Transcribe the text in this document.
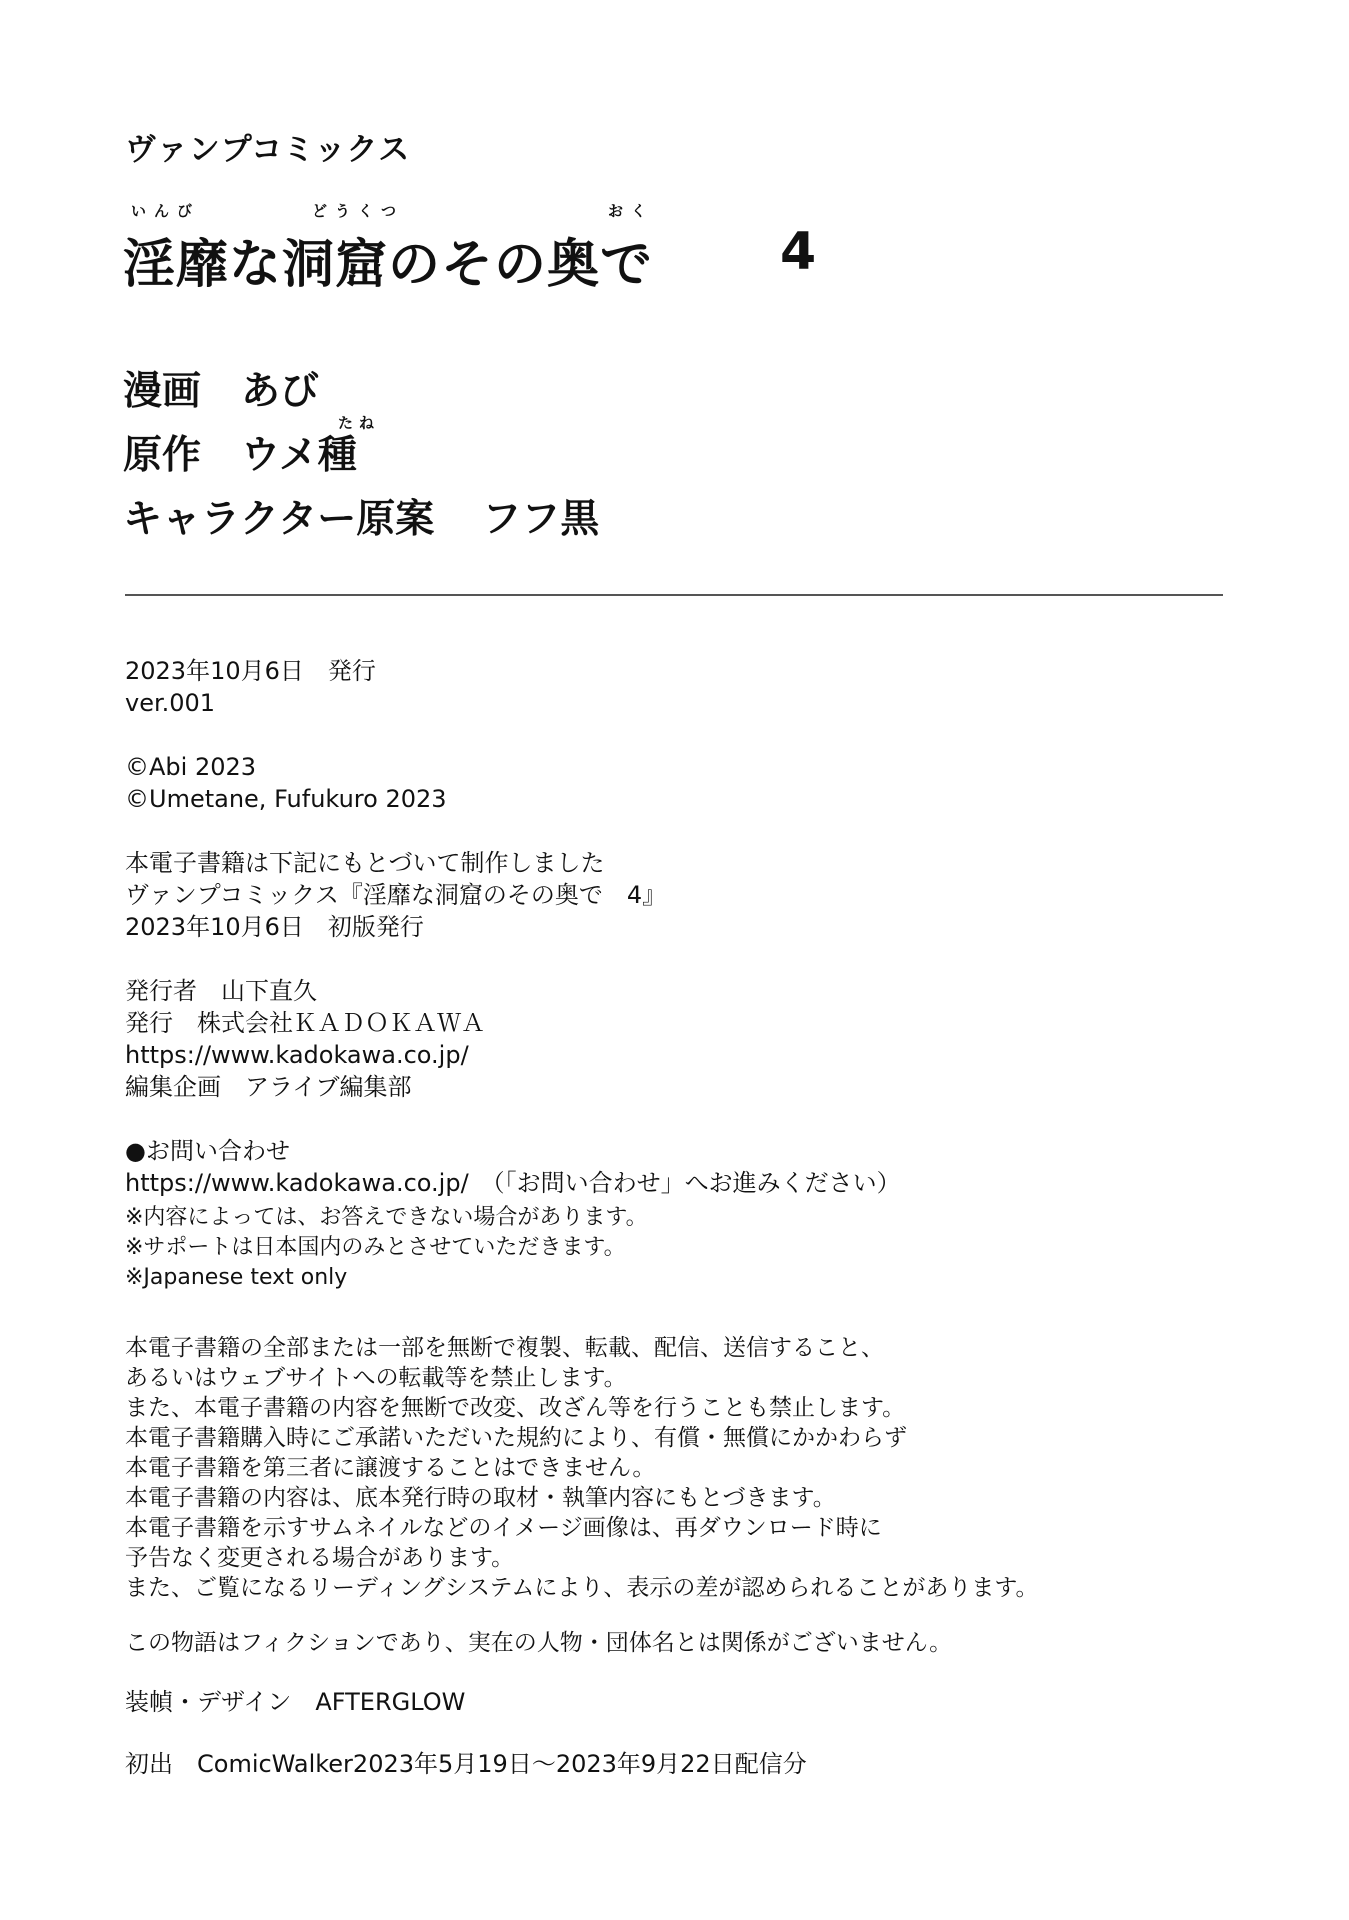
ヴァンプコミックス
いんび	どうくつ	おく
淫靡な洞窟のその奥で 4
漫画 あび
たね
原作 ウメ種
キャラクター原案 フフ黒
2023年10月6日　発行
ver.001
©Abi 2023
©Umetane, Fufukuro 2023
本電子書籍は下記にもとづいて制作しました
ヴァンプコミックス『淫靡な洞窟のその奥で　4』
2023年10月6日　初版発行
発行者　山下直久
発行　株式会社ＫＡＤＯＫＡＷＡ
https://www.kadokawa.co.jp/
編集企画　アライブ編集部
●お問い合わせ
https://www.kadokawa.co.jp/　（「お問い合わせ」へお進みください）
※内容によっては、お答えできない場合があります。
※サポートは日本国内のみとさせていただきます。
※Japanese text only
本電子書籍の全部または一部を無断で複製、転載、配信、送信すること、
あるいはウェブサイトへの転載等を禁止します。
また、本電子書籍の内容を無断で改変、改ざん等を行うことも禁止します。
本電子書籍購入時にご承諾いただいた規約により、有償・無償にかかわらず
本電子書籍を第三者に譲渡することはできません。
本電子書籍の内容は、底本発行時の取材・執筆内容にもとづきます。
本電子書籍を示すサムネイルなどのイメージ画像は、再ダウンロード時に
予告なく変更される場合があります。
また、ご覧になるリーディングシステムにより、表示の差が認められることがあります。
この物語はフィクションであり、実在の人物・団体名とは関係がございません。
装幀・デザイン　AFTERGLOW
初出　ComicWalker2023年5月19日～2023年9月22日配信分
